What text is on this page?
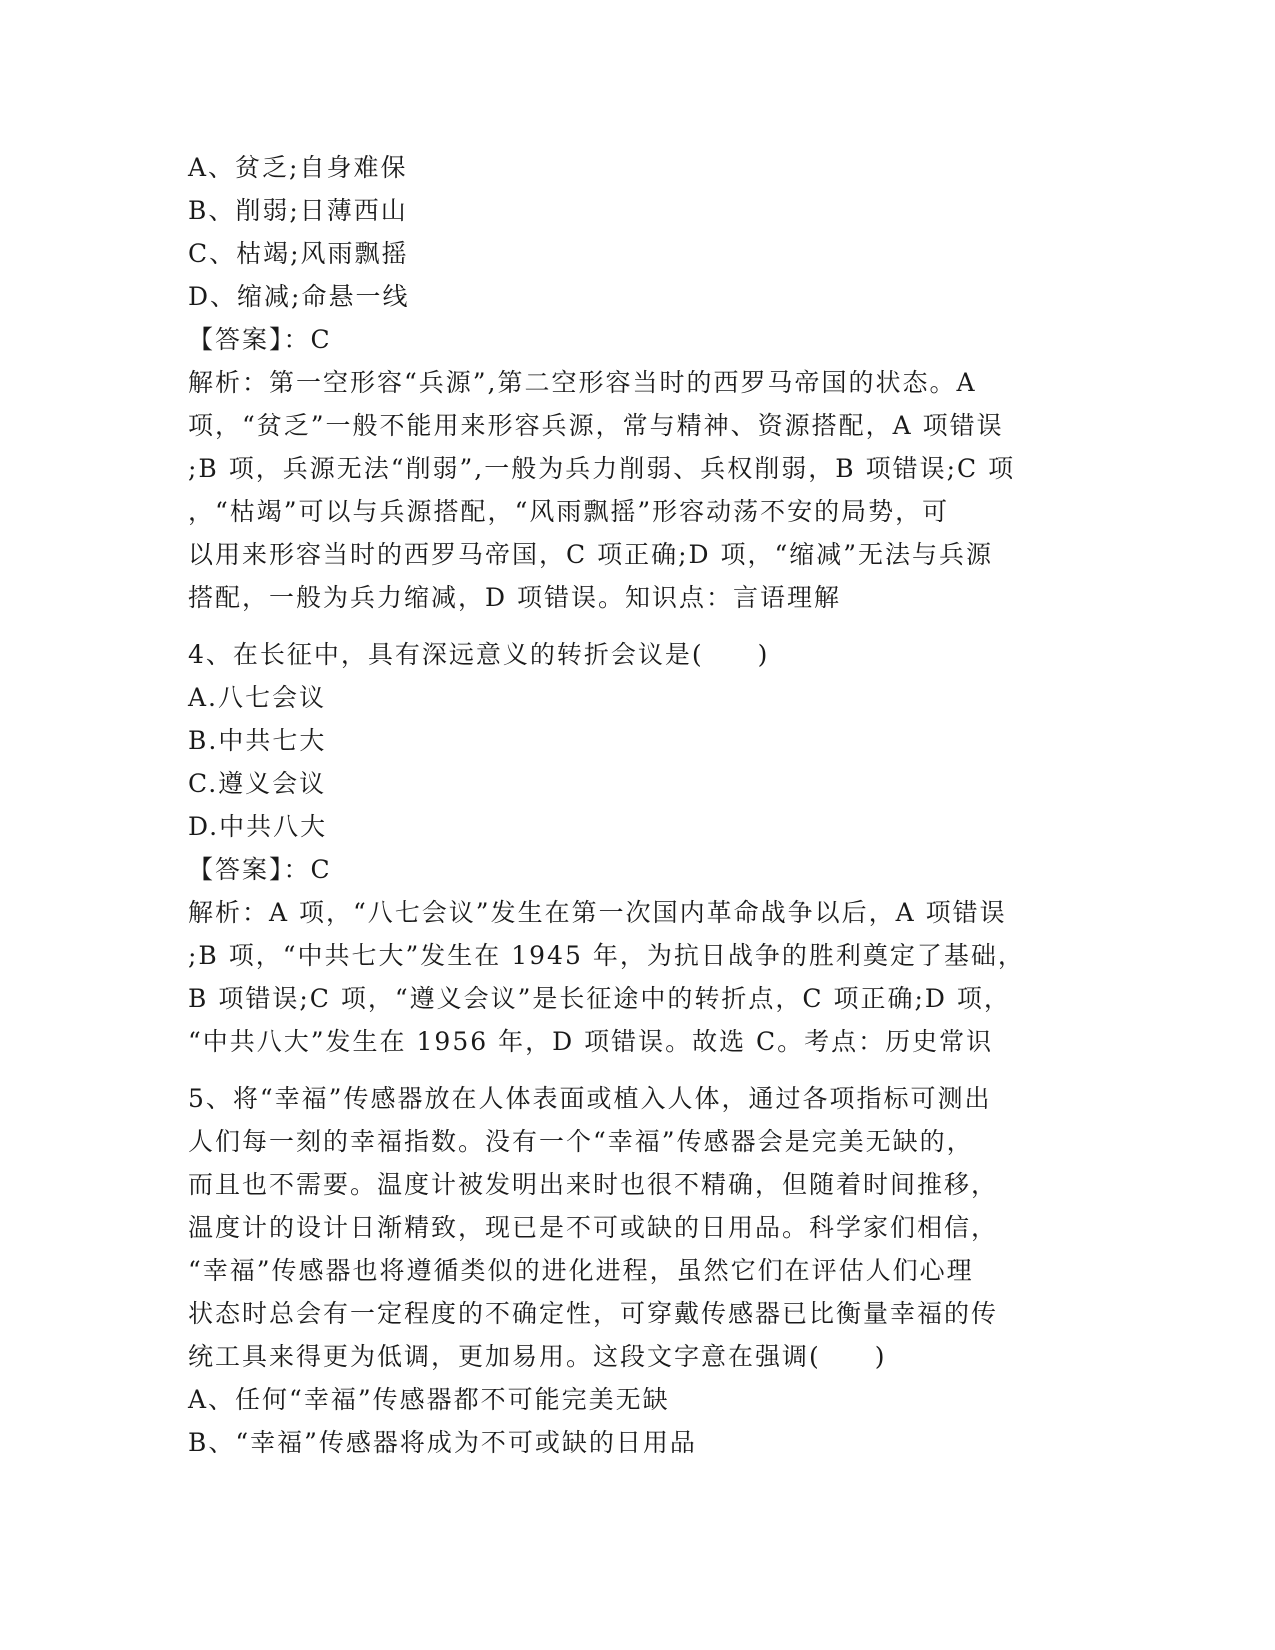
A、贫乏;自身难保
B、削弱;日薄西山
C、枯竭;风雨飘摇
D、缩减;命悬一线
【答案】：C
解析：第一空形容“兵源”,第二空形容当时的西罗马帝国的状态。A
项，“贫乏”一般不能用来形容兵源，常与精神、资源搭配，A 项错误
;B 项，兵源无法“削弱”,一般为兵力削弱、兵权削弱，B 项错误;C 项
，“枯竭”可以与兵源搭配，“风雨飘摇”形容动荡不安的局势，可
以用来形容当时的西罗马帝国，C 项正确;D 项，“缩减”无法与兵源
搭配，一般为兵力缩减，D 项错误。知识点：言语理解
4、在长征中，具有深远意义的转折会议是(　　)
A.八七会议
B.中共七大
C.遵义会议
D.中共八大
【答案】：C
解析：A 项，“八七会议”发生在第一次国内革命战争以后，A 项错误
;B 项，“中共七大”发生在 1945 年，为抗日战争的胜利奠定了基础，
B 项错误;C 项，“遵义会议”是长征途中的转折点，C 项正确;D 项，
“中共八大”发生在 1956 年，D 项错误。故选 C。考点：历史常识
5、将“幸福”传感器放在人体表面或植入人体，通过各项指标可测出
人们每一刻的幸福指数。没有一个“幸福”传感器会是完美无缺的，
而且也不需要。温度计被发明出来时也很不精确，但随着时间推移，
温度计的设计日渐精致，现已是不可或缺的日用品。科学家们相信，
“幸福”传感器也将遵循类似的进化进程，虽然它们在评估人们心理
状态时总会有一定程度的不确定性，可穿戴传感器已比衡量幸福的传
统工具来得更为低调，更加易用。这段文字意在强调(　　)
A、任何“幸福”传感器都不可能完美无缺
B、“幸福”传感器将成为不可或缺的日用品
